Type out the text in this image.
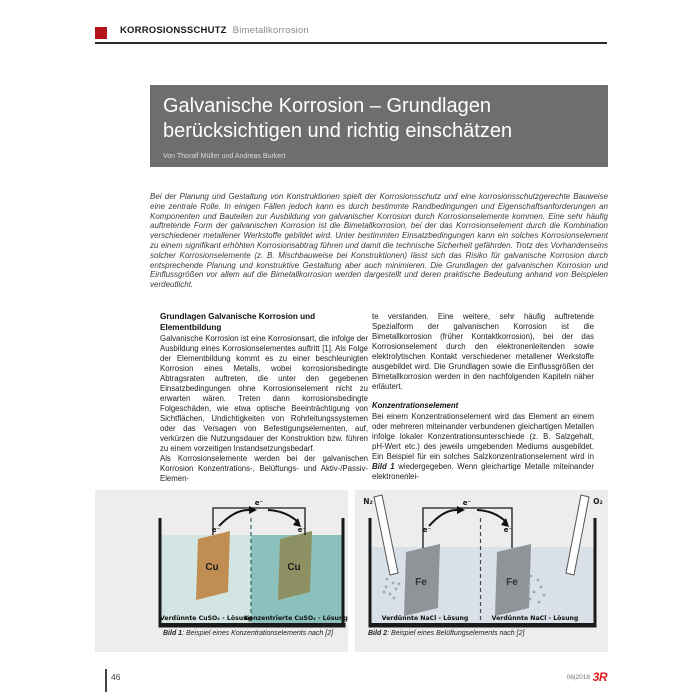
KORROSIONSSCHUTZ Bimetallkorrosion
Galvanische Korrosion – Grundlagen
berücksichtigen und richtig einschätzen
Von Thoralf Müller und Andreas Burkert
Bei der Planung und Gestaltung von Konstruktionen spielt der Korrosionsschutz und eine korrosionsschutzgerechte Bauweise eine zentrale Rolle. In einigen Fällen jedoch kann es durch bestimmte Randbedingungen und Eigenschaftsanforderungen an Komponenten und Bauteilen zur Ausbildung von galvanischer Korrosion durch Korrosionselemente kommen. Eine sehr häufig auftretende Form der galvanischen Korrosion ist die Bimetallkorrosion, bei der das Korrosionselement durch die Kombination verschiedener metallener Werkstoffe gebildet wird. Unter bestimmten Einsatzbedingungen kann ein solches Korrosionselement zu einem signifikant erhöhten Korrosionsabtrag führen und damit die technische Sicherheit gefährden. Trotz des Vorhandenseins solcher Korrosionselemente (z. B. Mischbauweise bei Konstruktionen) lässt sich das Risiko für galvanische Korrosion durch entsprechende Planung und konstruktive Gestaltung aber auch minimieren. Die Grundlagen der galvanischen Korrosion und Einflussgrößen vor allem auf die Bimetallkorrosion werden dargestellt und deren praktische Bedeutung anhand von Beispielen verdeutlicht.
Grundlagen Galvanische Korrosion und Elementbildung

Galvanische Korrosion ist eine Korrosionsart, die infolge der Ausbildung eines Korrosionselementes auftritt [1]. Als Folge der Elementbildung kommt es zu einer beschleunigten Korrosion eines Metalls, wobei korrosionsbedingte Abtragsraten auftreten, die unter den gegebenen Einsatzbedingungen ohne Korrosionselement nicht zu erwarten wären. Treten dann korrosionsbedingte Folgeschäden, wie etwa optische Beeinträchtigung von Sichtflächen, Undichtigkeiten von Rohrleitungssystemen oder das Versagen von Befestigungselementen, auf, verkürzen die Nutzungsdauer der Konstruktion bzw. führen zu einem vorzeitigen Instandsetzungsbedarf.

Als Korrosionselemente werden bei der galvanischen Korrosion Konzentrations-, Belüftungs- und Aktiv-/Passiv-Elemen-

te verstanden. Eine weitere, sehr häufig auftretende Spezialform der galvanischen Korrosion ist die Bimetallkorrosion (früher Kontaktkorrosion), bei der das Korrosionselement durch den elektronenleitenden sowie elektrolytischen Kontakt verschiedener metallener Werkstoffe ausgebildet wird. Die Grundlagen sowie die Einflussgrößen der Bimetallkorrosion werden in den nachfolgenden Kapiteln näher erläutert.

Konzentrationselement

Bei einem Konzentrationselement wird das Element an einem oder mehreren miteinander verbundenen gleichartigen Metallen infolge lokaler Konzentrationsunterschiede (z. B. Salzgehalt, pH-Wert etc.) des jeweils umgebenden Mediums ausgebildet. Ein Beispiel für ein solches Salzkonzentrationselement wird in Bild 1 wiedergegeben. Wenn gleichartige Metalle miteinander elektronenlei-

Cu	Cu
e⁻
e⁻
e⁻
Verdünnte CuSO₄ - Lösung
Konzentrierte CuSO₄ - Lösung
Bild 1: Beispiel eines Konzentrationselements nach [2]
Fe	Fe
N₂	O₂
e⁻
e⁻
e⁻
Verdünnte NaCl - Lösung	Verdünnte NaCl - Lösung
Bild 2: Beispiel eines Belüftungselements nach [2]
46	06|2018 3R
